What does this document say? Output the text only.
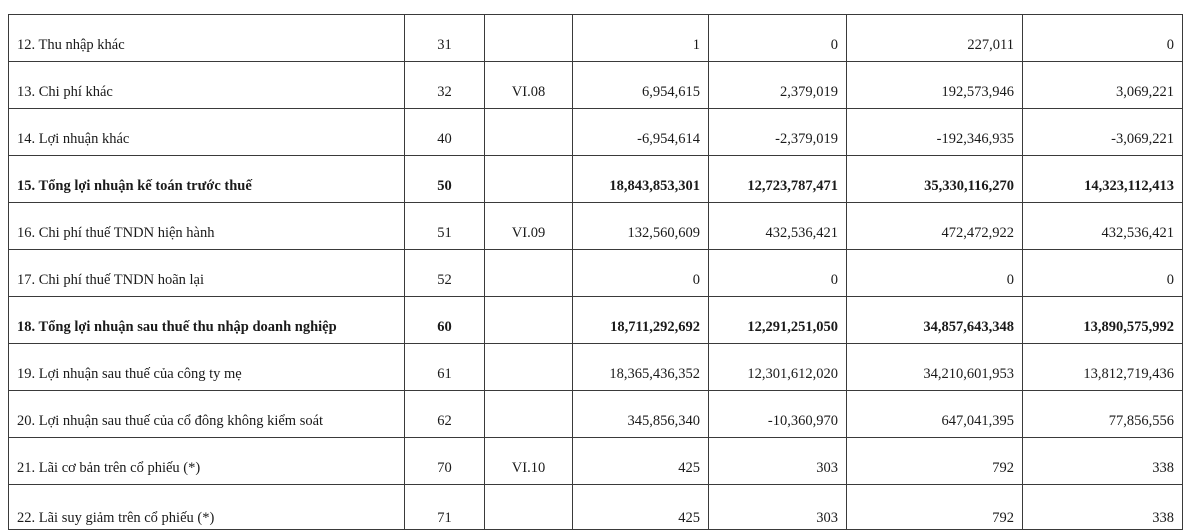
12. Thu nhập khác	31		1	0	227,011	0
13. Chi phí khác	32	VI.08	6,954,615	2,379,019	192,573,946	3,069,221
14. Lợi nhuận khác	40		-6,954,614	-2,379,019	-192,346,935	-3,069,221
15. Tổng lợi nhuận kế toán trước thuế	50		18,843,853,301	12,723,787,471	35,330,116,270	14,323,112,413
16. Chi phí thuế TNDN hiện hành	51	VI.09	132,560,609	432,536,421	472,472,922	432,536,421
17. Chi phí thuế TNDN hoãn lại	52		0	0	0	0
18. Tổng lợi nhuận sau thuế thu nhập doanh nghiệp	60		18,711,292,692	12,291,251,050	34,857,643,348	13,890,575,992
19. Lợi nhuận sau thuế của công ty mẹ	61		18,365,436,352	12,301,612,020	34,210,601,953	13,812,719,436
20. Lợi nhuận sau thuế của cổ đông không kiểm soát	62		345,856,340	-10,360,970	647,041,395	77,856,556
21. Lãi cơ bản trên cổ phiếu (*)	70	VI.10	425	303	792	338
22. Lãi suy giảm trên cổ phiếu (*)	71		425	303	792	338
